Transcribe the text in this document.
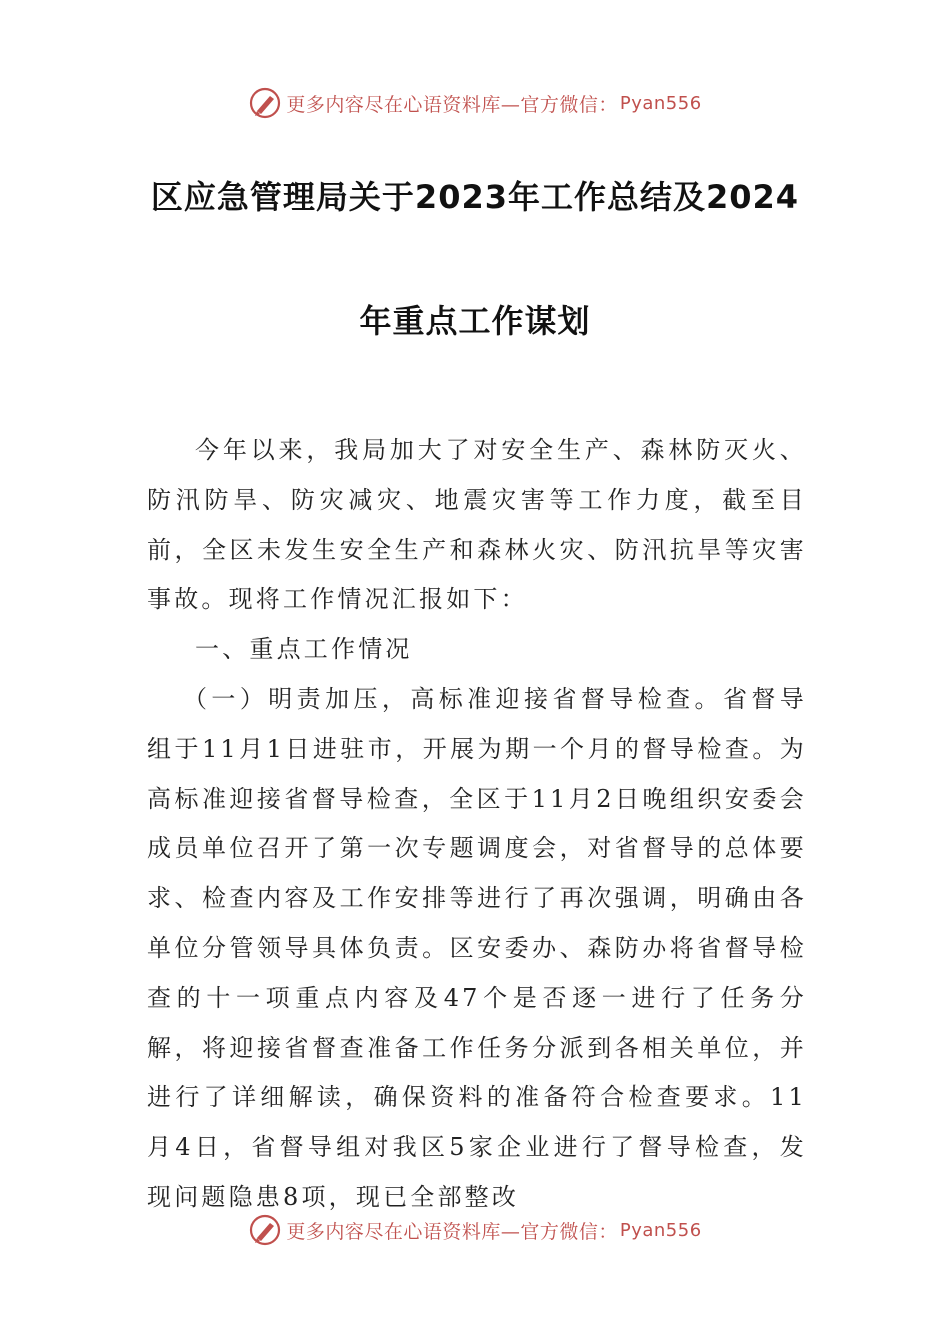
更多内容尽在心语资料库—官方微信： Pyan556
区应急管理局关于2023年工作总结及2024
年重点工作谋划

今年以来，我局加大了对安全生产、森林防灭火、防汛防旱、防灾减灾、地震灾害等工作力度，截至目前，全区未发生安全生产和森林火灾、防汛抗旱等灾害事故。现将工作情况汇报如下：

一、重点工作情况

（一）明责加压，高标准迎接省督导检查。省督导组于11月1日进驻市，开展为期一个月的督导检查。为高标准迎接省督导检查，全区于11月2日晚组织安委会成员单位召开了第一次专题调度会，对省督导的总体要求、检查内容及工作安排等进行了再次强调，明确由各单位分管领导具体负责。区安委办、森防办将省督导检查的十一项重点内容及47个是否逐一进行了任务分解，将迎接省督查准备工作任务分派到各相关单位，并进行了详细解读，确保资料的准备符合检查要求。11月4日，省督导组对我区5家企业进行了督导检查，发现问题隐患8项，现已全部整改

更多内容尽在心语资料库—官方微信： Pyan556
